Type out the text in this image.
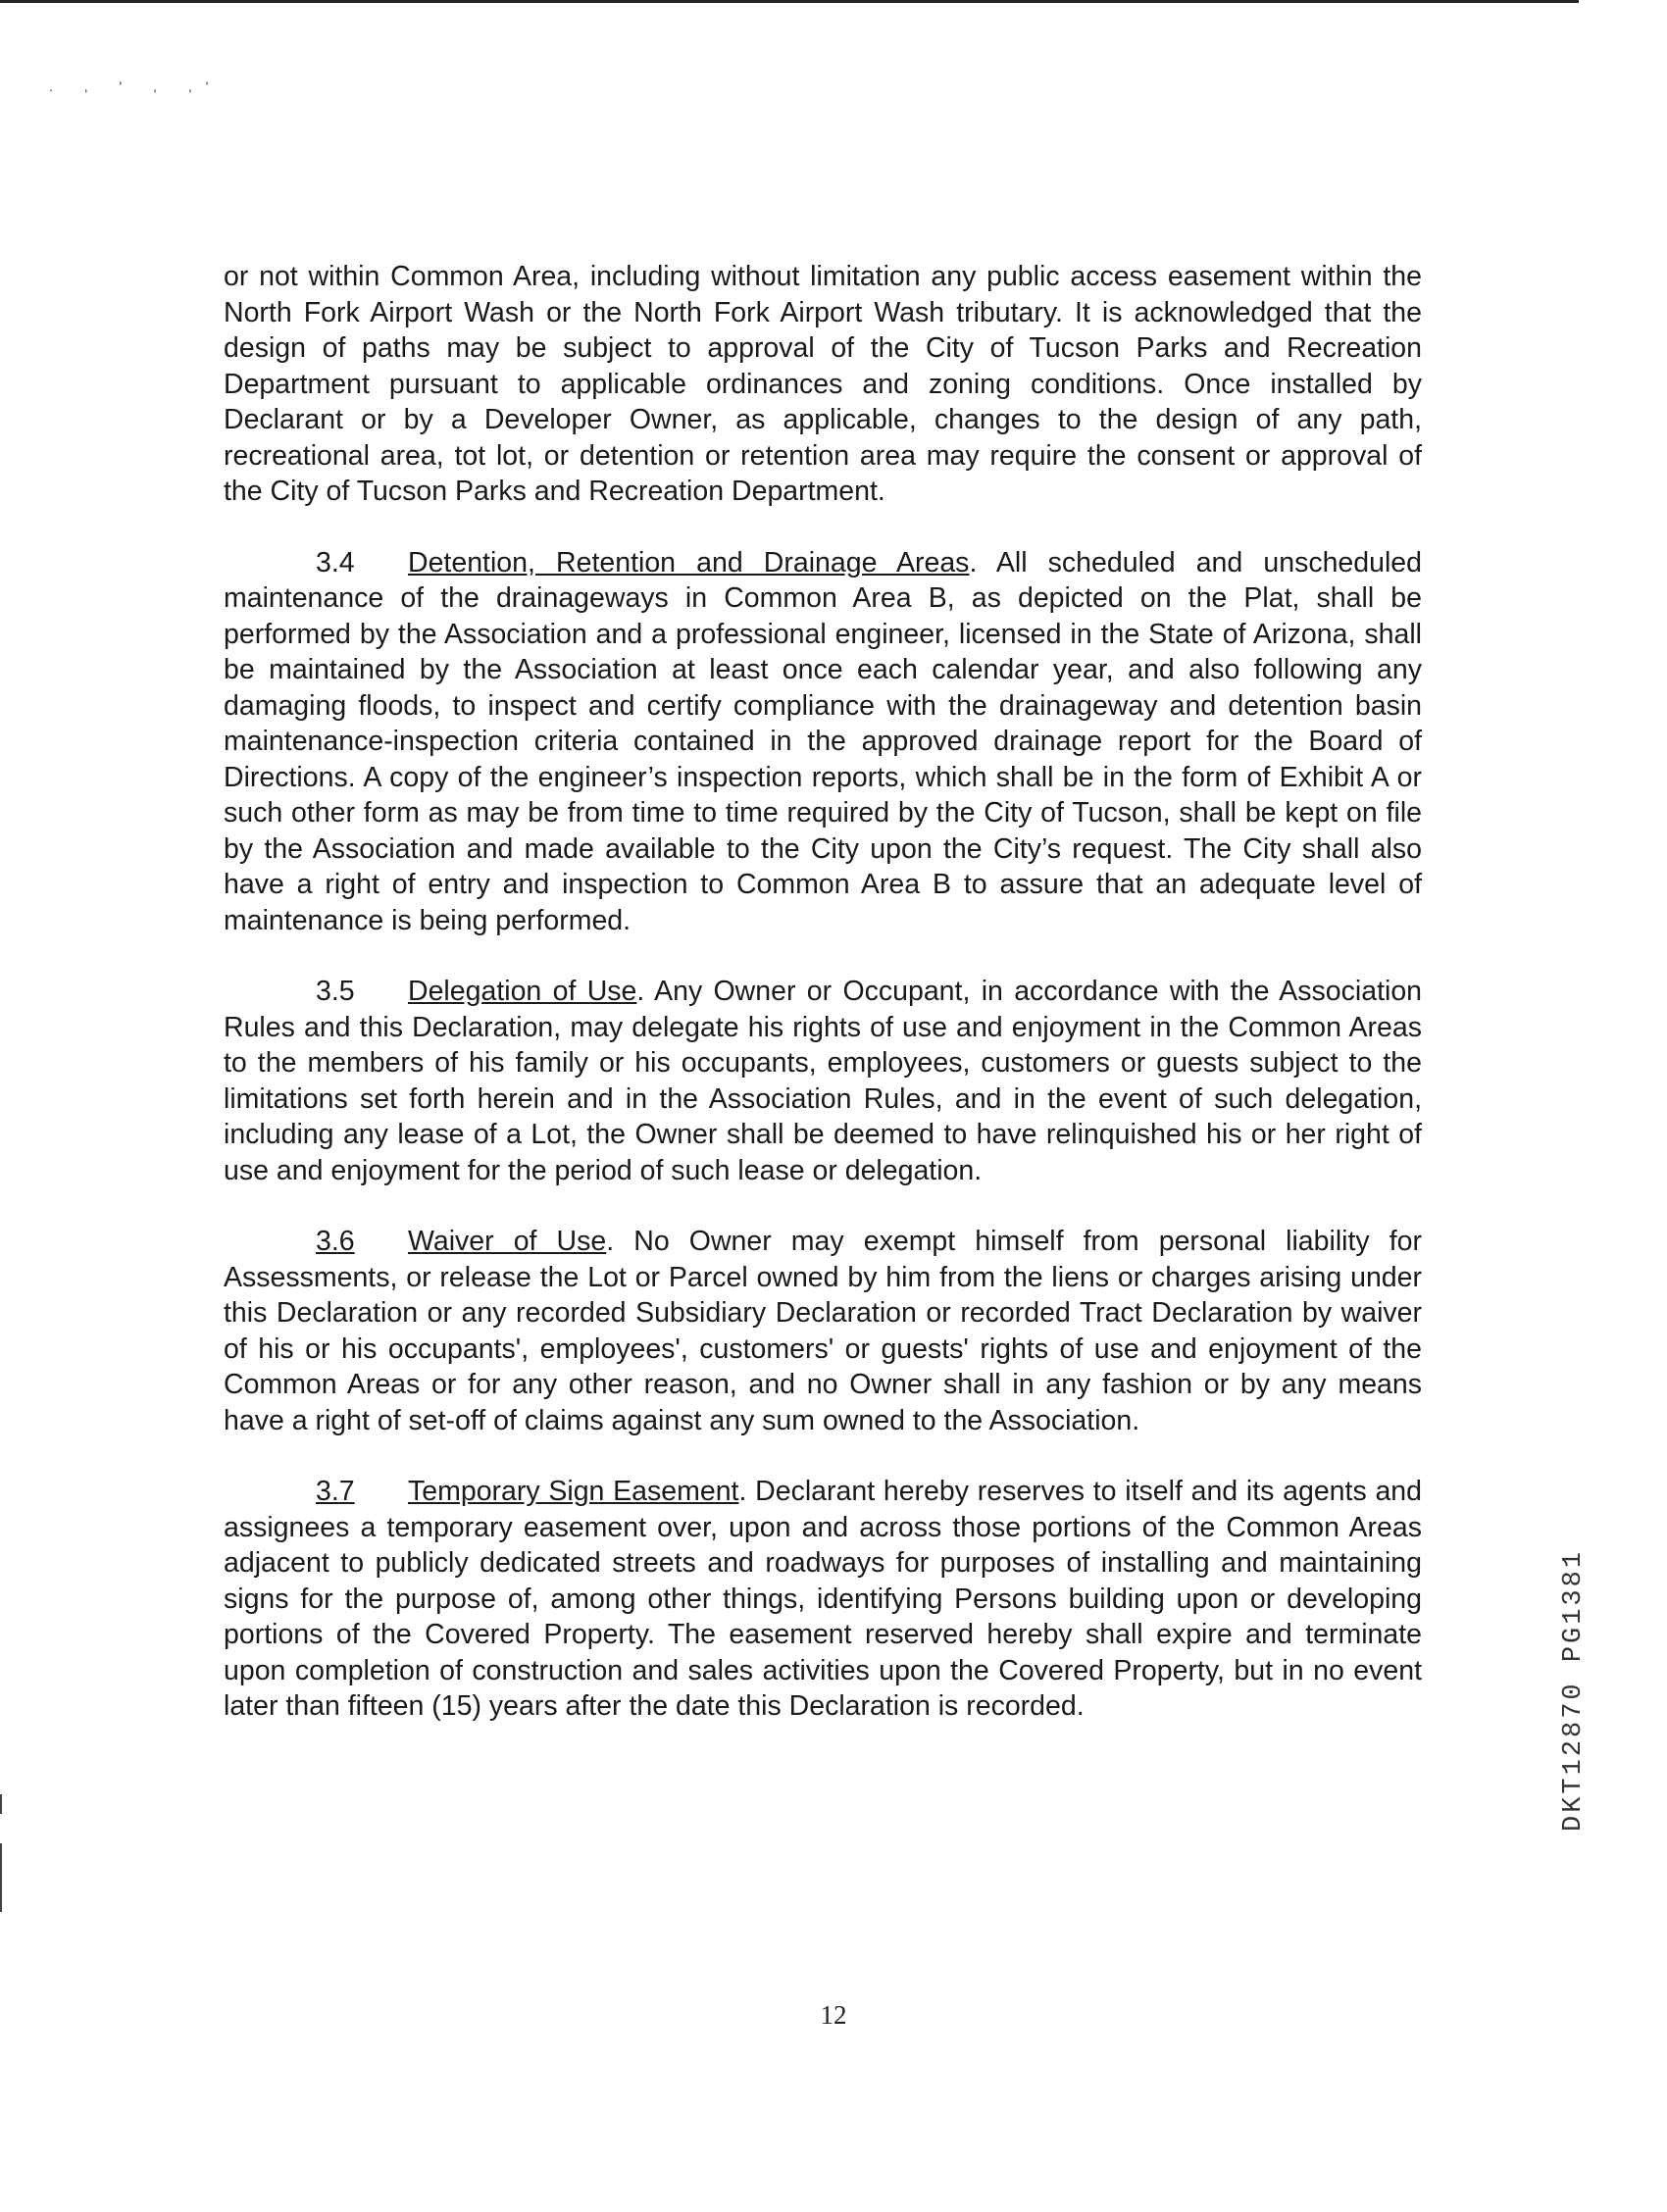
. , ' , ,'

or not within Common Area, including without limitation any public access easement within the North Fork Airport Wash or the North Fork Airport Wash tributary. It is acknowledged that the design of paths may be subject to approval of the City of Tucson Parks and Recreation Department pursuant to applicable ordinances and zoning conditions. Once installed by Declarant or by a Developer Owner, as applicable, changes to the design of any path, recreational area, tot lot, or detention or retention area may require the consent or approval of the City of Tucson Parks and Recreation Department.

3.4 Detention, Retention and Drainage Areas. All scheduled and unscheduled maintenance of the drainageways in Common Area B, as depicted on the Plat, shall be performed by the Association and a professional engineer, licensed in the State of Arizona, shall be maintained by the Association at least once each calendar year, and also following any damaging floods, to inspect and certify compliance with the drainageway and detention basin maintenance-inspection criteria contained in the approved drainage report for the Board of Directions. A copy of the engineer’s inspection reports, which shall be in the form of Exhibit A or such other form as may be from time to time required by the City of Tucson, shall be kept on file by the Association and made available to the City upon the City’s request. The City shall also have a right of entry and inspection to Common Area B to assure that an adequate level of maintenance is being performed.

3.5 Delegation of Use. Any Owner or Occupant, in accordance with the Association Rules and this Declaration, may delegate his rights of use and enjoyment in the Common Areas to the members of his family or his occupants, employees, customers or guests subject to the limitations set forth herein and in the Association Rules, and in the event of such delegation, including any lease of a Lot, the Owner shall be deemed to have relinquished his or her right of use and enjoyment for the period of such lease or delegation.

3.6 Waiver of Use. No Owner may exempt himself from personal liability for Assessments, or release the Lot or Parcel owned by him from the liens or charges arising under this Declaration or any recorded Subsidiary Declaration or recorded Tract Declaration by waiver of his or his occupants', employees', customers' or guests' rights of use and enjoyment of the Common Areas or for any other reason, and no Owner shall in any fashion or by any means have a right of set-off of claims against any sum owned to the Association.

3.7 Temporary Sign Easement. Declarant hereby reserves to itself and its agents and assignees a temporary easement over, upon and across those portions of the Common Areas adjacent to publicly dedicated streets and roadways for purposes of installing and maintaining signs for the purpose of, among other things, identifying Persons building upon or developing portions of the Covered Property. The easement reserved hereby shall expire and terminate upon completion of construction and sales activities upon the Covered Property, but in no event later than fifteen (15) years after the date this Declaration is recorded.

12
DKT12870 PG1381
